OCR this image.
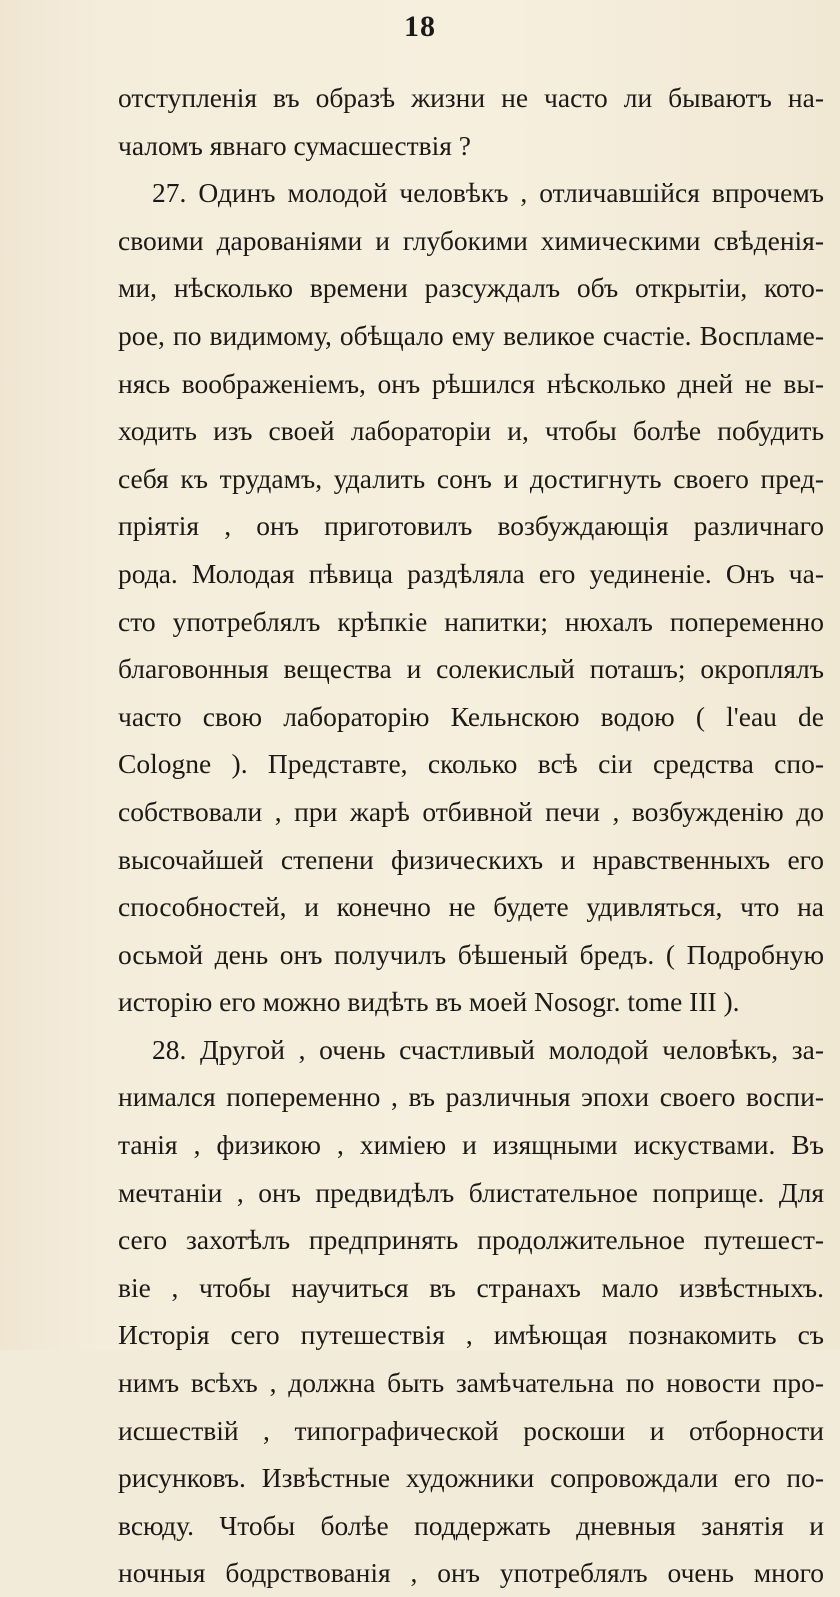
18
отступленія въ образѣ жизни не часто ли бываютъ на-
чаломъ явнаго сумасшествія ?
27. Одинъ молодой человѣкъ , отличавшійся впрочемъ
своими дарованіями и глубокими химическими свѣденія-
ми, нѣсколько времени разсуждалъ объ открытіи, кото-
рое, по видимому, обѣщало ему великое счастіе. Воспламе-
нясь воображеніемъ, онъ рѣшился нѣсколько дней не вы-
ходить изъ своей лабораторіи и, чтобы болѣе побудить
себя къ трудамъ, удалить сонъ и достигнуть своего пред-
пріятія , онъ приготовилъ возбуждающія различнаго
рода. Молодая пѣвица раздѣляла его уединеніе. Онъ ча-
сто употреблялъ крѣпкіе напитки; нюхалъ попеременно
благовонныя вещества и солекислый поташъ; окроплялъ
часто свою лабораторію Кельнскою водою ( l'eau de
Cologne ). Представте, сколько всѣ сіи средства спо-
собствовали , при жарѣ отбивной печи , возбужденію до
высочайшей степени физическихъ и нравственныхъ его
способностей, и конечно не будете удивляться, что на
осьмой день онъ получилъ бѣшеный бредъ. ( Подробную
исторію его можно видѣть въ моей Nosogr. tome III ).
28. Другой , очень счастливый молодой человѣкъ, за-
нимался попеременно , въ различныя эпохи своего воспи-
танія , физикою , химіею и изящными искуствами. Въ
мечтаніи , онъ предвидѣлъ блистательное поприще. Для
сего захотѣлъ предпринять продолжительное путешест-
віе , чтобы научиться въ странахъ мало извѣстныхъ.
Исторія сего путешествія , имѣющая познакомить съ
нимъ всѣхъ , должна быть замѣчательна по новости про-
исшествій , типографической роскоши и отборности
рисунковъ. Извѣстные художники сопровождали его по-
всюду. Чтобы болѣе поддержать дневныя занятія и
ночныя бодрствованія , онъ употреблялъ очень много
